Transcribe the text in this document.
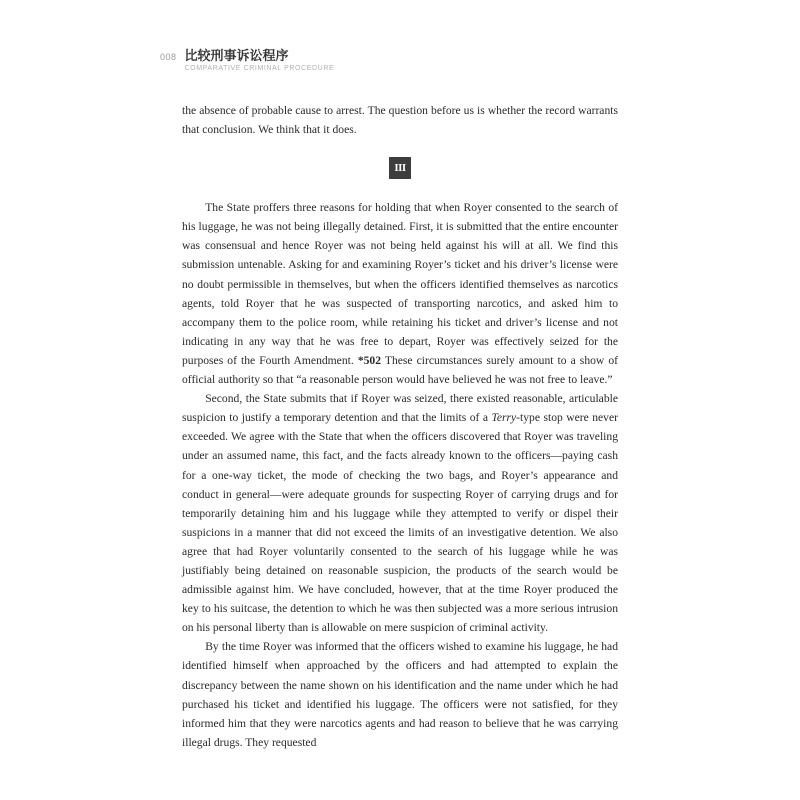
008 比较刑事诉讼程序
COMPARATIVE CRIMINAL PROCEDURE

the absence of probable cause to arrest. The question before us is whether the record warrants that conclusion. We think that it does.

III

The State proffers three reasons for holding that when Royer consented to the search of his luggage, he was not being illegally detained. First, it is submitted that the entire encounter was consensual and hence Royer was not being held against his will at all. We find this submission untenable. Asking for and examining Royer’s ticket and his driver’s license were no doubt permissible in themselves, but when the officers identified themselves as narcotics agents, told Royer that he was suspected of transporting narcotics, and asked him to accompany them to the police room, while retaining his ticket and driver’s license and not indicating in any way that he was free to depart, Royer was effectively seized for the purposes of the Fourth Amendment. *502 These circumstances surely amount to a show of official authority so that “a reasonable person would have believed he was not free to leave.”

Second, the State submits that if Royer was seized, there existed reasonable, articulable suspicion to justify a temporary detention and that the limits of a Terry-type stop were never exceeded. We agree with the State that when the officers discovered that Royer was traveling under an assumed name, this fact, and the facts already known to the officers—paying cash for a one-way ticket, the mode of checking the two bags, and Royer’s appearance and conduct in general—were adequate grounds for suspecting Royer of carrying drugs and for temporarily detaining him and his luggage while they attempted to verify or dispel their suspicions in a manner that did not exceed the limits of an investigative detention. We also agree that had Royer voluntarily consented to the search of his luggage while he was justifiably being detained on reasonable suspicion, the products of the search would be admissible against him. We have concluded, however, that at the time Royer produced the key to his suitcase, the detention to which he was then subjected was a more serious intrusion on his personal liberty than is allowable on mere suspicion of criminal activity.

By the time Royer was informed that the officers wished to examine his luggage, he had identified himself when approached by the officers and had attempted to explain the discrepancy between the name shown on his identification and the name under which he had purchased his ticket and identified his luggage. The officers were not satisfied, for they informed him that they were narcotics agents and had reason to believe that he was carrying illegal drugs. They requested
